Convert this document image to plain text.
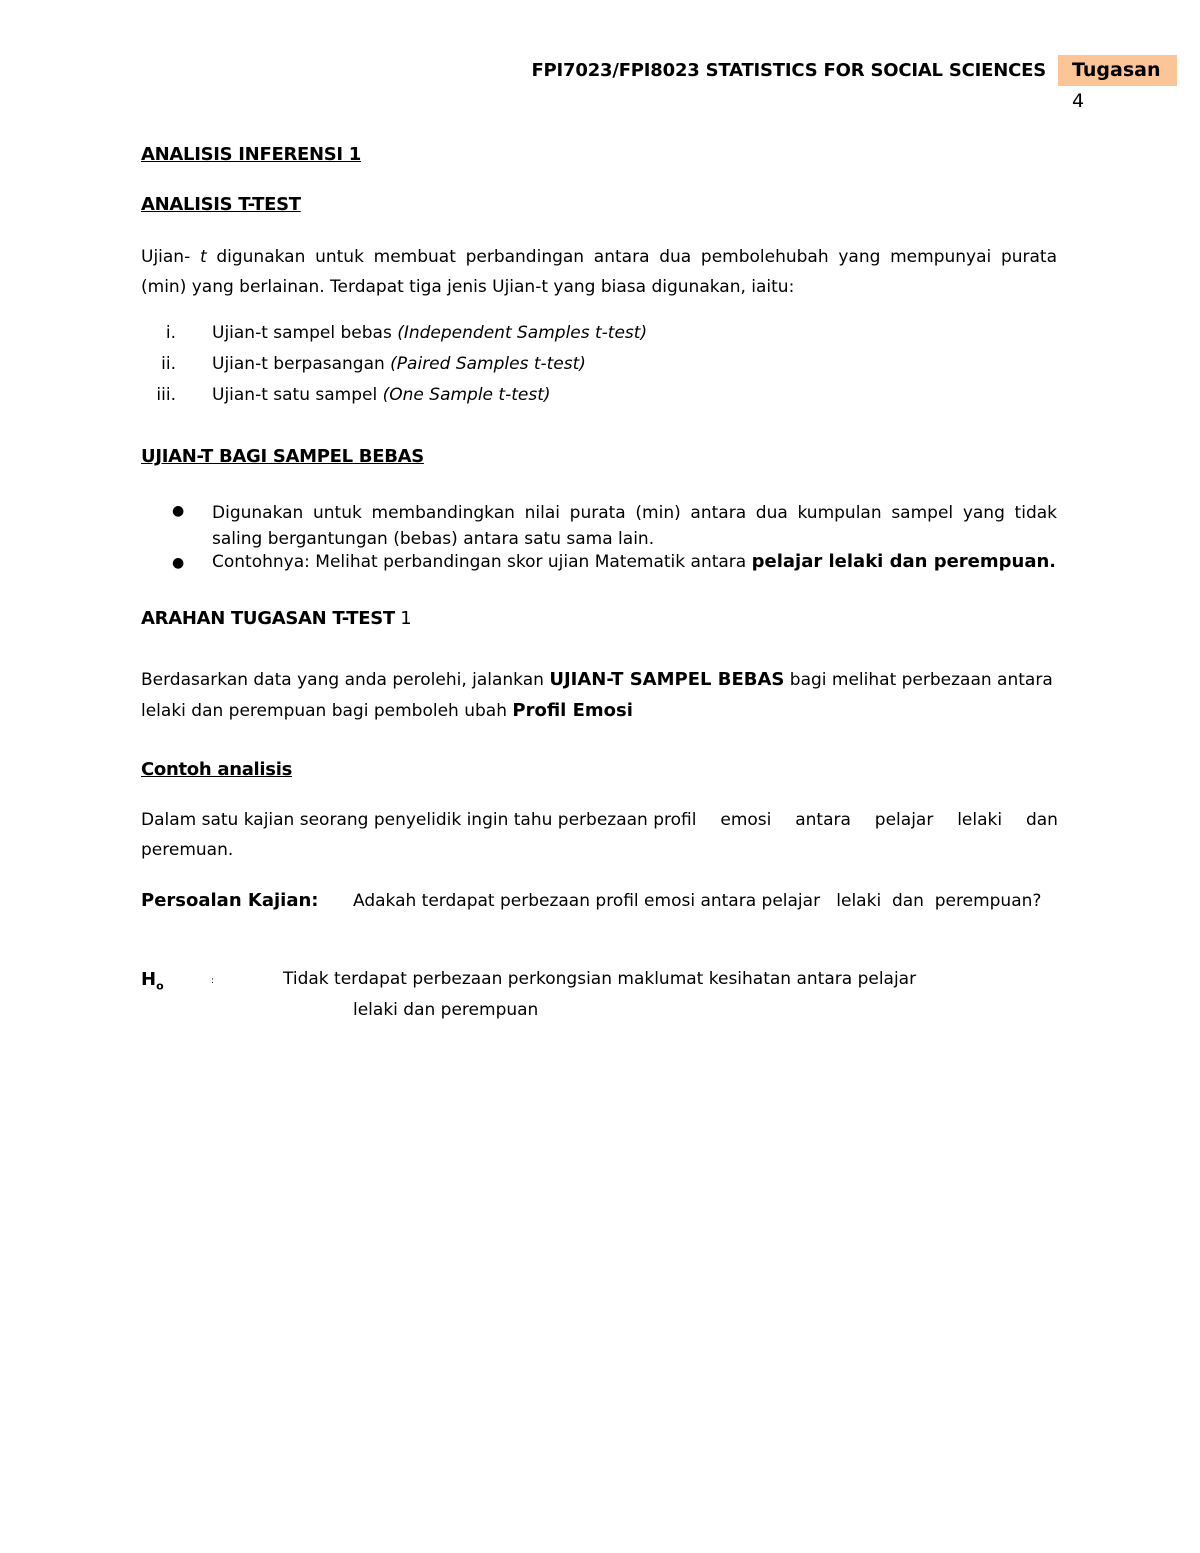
FPI7023/FPI8023 STATISTICS FOR SOCIAL SCIENCES	Tugasan 4
ANALISIS INFERENSI 1
ANALISIS T-TEST
Ujian- t digunakan untuk membuat perbandingan antara dua pembolehubah yang mempunyai purata (min) yang berlainan. Terdapat tiga jenis Ujian-t yang biasa digunakan, iaitu:
i. Ujian-t sampel bebas (Independent Samples t-test)
ii. Ujian-t berpasangan (Paired Samples t-test)
iii. Ujian-t satu sampel (One Sample t-test)
UJIAN-T BAGI SAMPEL BEBAS
● Digunakan untuk membandingkan nilai purata (min) antara dua kumpulan sampel yang tidak
saling bergantungan (bebas) antara satu sama lain.
● Contohnya: Melihat perbandingan skor ujian Matematik antara pelajar lelaki dan perempuan.
ARAHAN TUGASAN T-TEST 1
Berdasarkan data yang anda perolehi, jalankan UJIAN-T SAMPEL BEBAS bagi melihat perbezaan antara
lelaki dan perempuan bagi pemboleh ubah Profil Emosi
Contoh analisis
Dalam satu kajian seorang penyelidik ingin tahu perbezaan profil emosi antara pelajar lelaki dan
peremuan.
Persoalan Kajian: Adakah terdapat perbezaan profil emosi antara pelajar   lelaki  dan  perempuan?
$H_o$	:	Tidak terdapat perbezaan perkongsian maklumat kesihatan antara pelajar
lelaki dan perempuan
